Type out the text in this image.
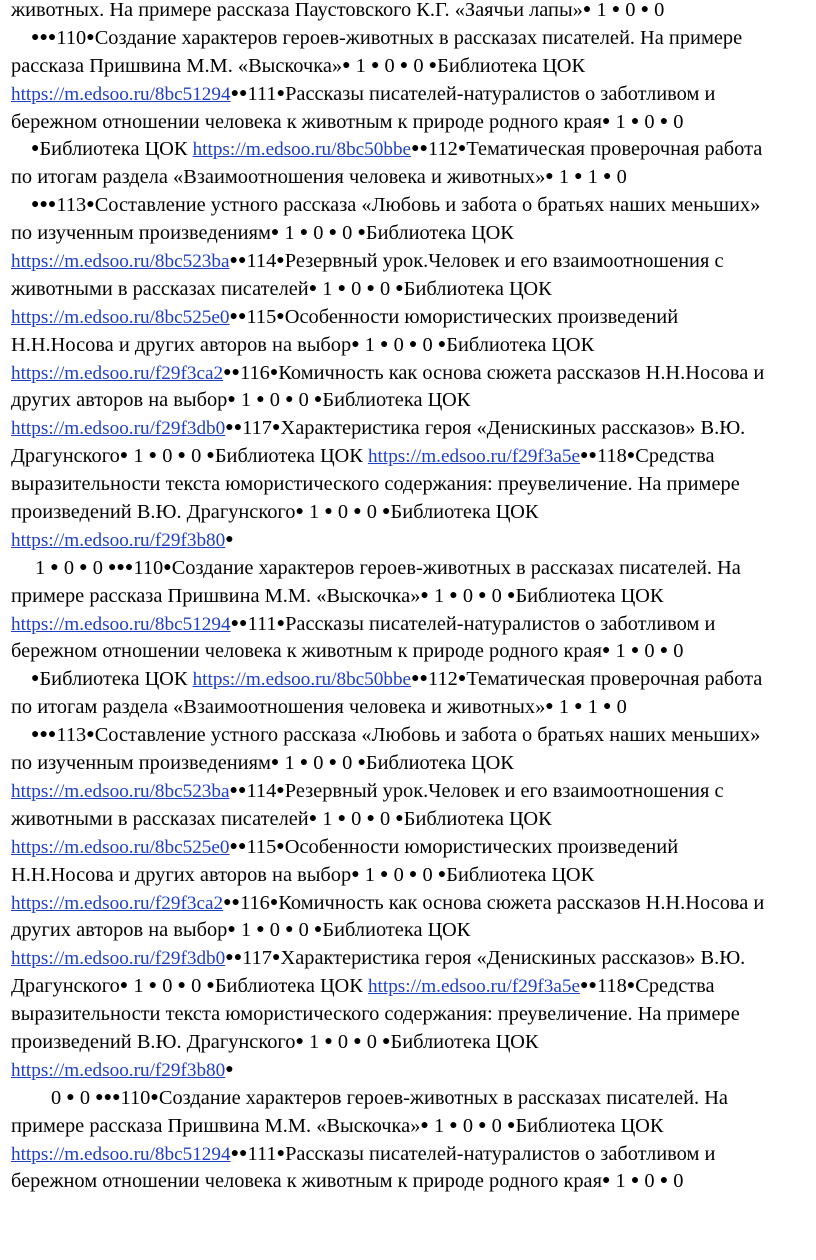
животных. На примере рассказа Паустовского К.Г. «Заячьи лапы»● 1 ● 0 ● 0
●●●110●Создание характеров героев-животных в рассказах писателей. На примере
рассказа Пришвина М.М. «Выскочка»● 1 ● 0 ● 0 ●Библиотека ЦОК
https://m.edsoo.ru/8bc51294●●111●Рассказы писателей-натуралистов о заботливом и
бережном отношении человека к животным к природе родного края● 1 ● 0 ● 0
●Библиотека ЦОК https://m.edsoo.ru/8bc50bbe●●112●Тематическая проверочная работа
по итогам раздела «Взаимоотношения человека и животных»● 1 ● 1 ● 0
●●●113●Составление устного рассказа «Любовь и забота о братьях наших меньших»
по изученным произведениям● 1 ● 0 ● 0 ●Библиотека ЦОК
https://m.edsoo.ru/8bc523ba●●114●Резервный урок.Человек и его взаимоотношения с
животными в рассказах писателей● 1 ● 0 ● 0 ●Библиотека ЦОК
https://m.edsoo.ru/8bc525e0●●115●Особенности юмористических произведений
Н.Н.Носова и других авторов на выбор● 1 ● 0 ● 0 ●Библиотека ЦОК
https://m.edsoo.ru/f29f3ca2●●116●Комичность как основа сюжета рассказов Н.Н.Носова и
других авторов на выбор● 1 ● 0 ● 0 ●Библиотека ЦОК
https://m.edsoo.ru/f29f3db0●●117●Характеристика героя «Денискиных рассказов» В.Ю.
Драгунского● 1 ● 0 ● 0 ●Библиотека ЦОК https://m.edsoo.ru/f29f3a5e●●118●Средства
выразительности текста юмористического содержания: преувеличение. На примере
произведений В.Ю. Драгунского● 1 ● 0 ● 0 ●Библиотека ЦОК
https://m.edsoo.ru/f29f3b80●
1 ● 0 ● 0 ●●●110●Создание характеров героев-животных в рассказах писателей. На
примере рассказа Пришвина М.М. «Выскочка»● 1 ● 0 ● 0 ●Библиотека ЦОК
https://m.edsoo.ru/8bc51294●●111●Рассказы писателей-натуралистов о заботливом и
бережном отношении человека к животным к природе родного края● 1 ● 0 ● 0
●Библиотека ЦОК https://m.edsoo.ru/8bc50bbe●●112●Тематическая проверочная работа
по итогам раздела «Взаимоотношения человека и животных»● 1 ● 1 ● 0
●●●113●Составление устного рассказа «Любовь и забота о братьях наших меньших»
по изученным произведениям● 1 ● 0 ● 0 ●Библиотека ЦОК
https://m.edsoo.ru/8bc523ba●●114●Резервный урок.Человек и его взаимоотношения с
животными в рассказах писателей● 1 ● 0 ● 0 ●Библиотека ЦОК
https://m.edsoo.ru/8bc525e0●●115●Особенности юмористических произведений
Н.Н.Носова и других авторов на выбор● 1 ● 0 ● 0 ●Библиотека ЦОК
https://m.edsoo.ru/f29f3ca2●●116●Комичность как основа сюжета рассказов Н.Н.Носова и
других авторов на выбор● 1 ● 0 ● 0 ●Библиотека ЦОК
https://m.edsoo.ru/f29f3db0●●117●Характеристика героя «Денискиных рассказов» В.Ю.
Драгунского● 1 ● 0 ● 0 ●Библиотека ЦОК https://m.edsoo.ru/f29f3a5e●●118●Средства
выразительности текста юмористического содержания: преувеличение. На примере
произведений В.Ю. Драгунского● 1 ● 0 ● 0 ●Библиотека ЦОК
https://m.edsoo.ru/f29f3b80●
0 ● 0 ●●●110●Создание характеров героев-животных в рассказах писателей. На
примере рассказа Пришвина М.М. «Выскочка»● 1 ● 0 ● 0 ●Библиотека ЦОК
https://m.edsoo.ru/8bc51294●●111●Рассказы писателей-натуралистов о заботливом и
бережном отношении человека к животным к природе родного края● 1 ● 0 ● 0
